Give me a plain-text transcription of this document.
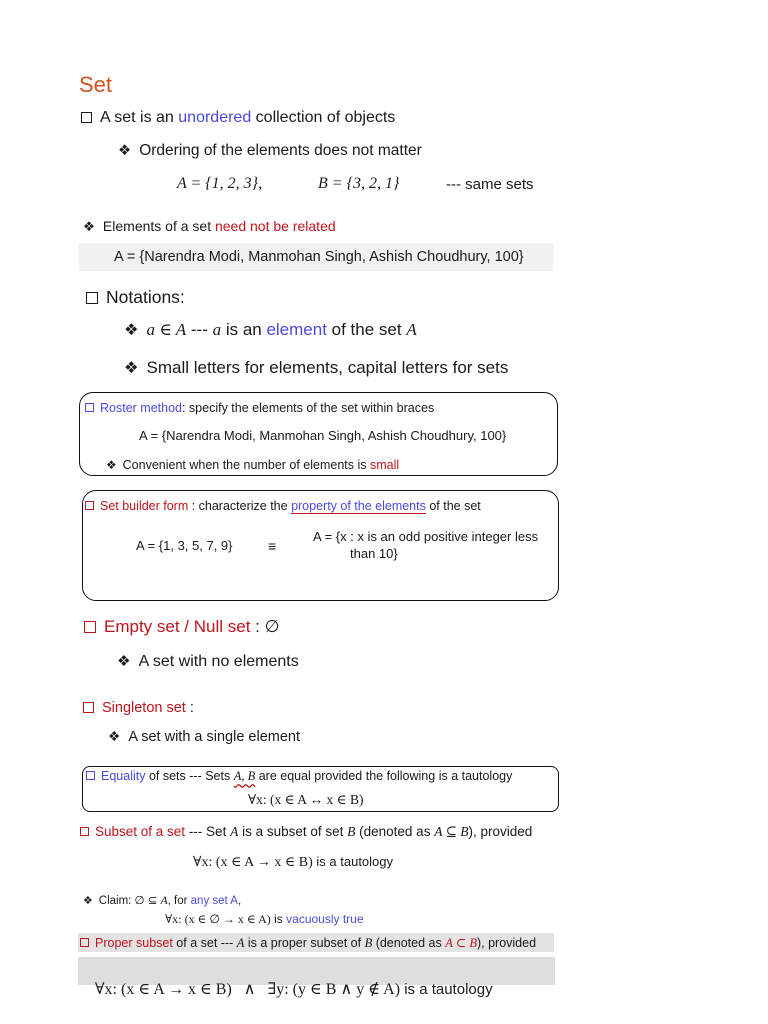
Set
A set is an unordered collection of objects
❖ Ordering of the elements does not matter
A = {1, 2, 3},	B = {3, 2, 1}	--- same sets
❖ Elements of a set need not be related
A = {Narendra Modi, Manmohan Singh, Ashish Choudhury, 100}
Notations:
❖ a ∈ A --- a is an element of the set A
❖ Small letters for elements, capital letters for sets
Roster method: specify the elements of the set within braces
A = {Narendra Modi, Manmohan Singh, Ashish Choudhury, 100}
❖ Convenient when the number of elements is small
Set builder form : characterize the property of the elements of the set
A = {1, 3, 5, 7, 9}	≡
A = {x : x is an odd positive integer less
than 10}
Empty set / Null set : ∅
❖ A set with no elements
Singleton set :
❖ A set with a single element
Equality of sets --- Sets A, B are equal provided the following is a tautology
∀x: (x ∈ A ↔ x ∈ B)
Subset of a set --- Set A is a subset of set B (denoted as A ⊆ B), provided
∀x: (x ∈ A → x ∈ B) is a tautology
❖ Claim: ∅ ⊆ A, for any set A,
∀x: (x ∈ ∅ → x ∈ A) is vacuously true
Proper subset of a set --- A is a proper subset of B (denoted as A ⊂ B), provided

∀x: (x ∈ A → x ∈ B)   ∧   ∃y: (y ∈ B ∧ y ∉ A) is a tautology
